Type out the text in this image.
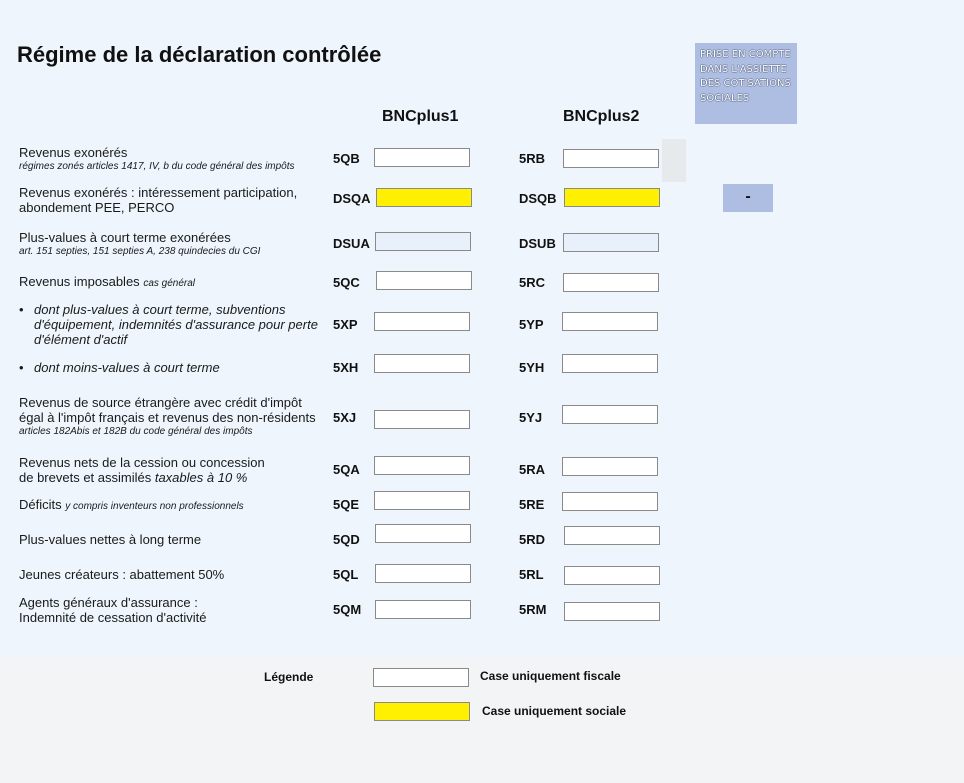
Régime de la déclaration contrôlée
BNCplus1	BNCplus2
PRISE EN COMPTE
DANS L'ASSIETTE
DES COTISATIONS
SOCIALES
-
Revenus exonérés
régimes zonés articles 1417, IV, b du code général des impôts
5QB	5RB
Revenus exonérés : intéressement participation,
abondement PEE, PERCO
DSQA	DSQB
Plus-values à court terme exonérées
art. 151 septies, 151 septies A, 238 quindecies du CGI
DSUA	DSUB
Revenus imposables cas général	5QC	5RC
• dont plus-values à court terme, subventions d'équipement, indemnités d'assurance pour perte d'élément d'actif
5XP	5YP
• dont moins-values à court terme	5XH	5YH
Revenus de source étrangère avec crédit d'impôt
égal à l'impôt français et revenus des non-résidents
articles 182Abis et 182B du code général des impôts
5XJ	5YJ
Revenus nets de la cession ou concession
de brevets et assimilés taxables à 10 %
5QA	5RA
Déficits y compris inventeurs non professionnels	5QE	5RE
Plus-values nettes à long terme	5QD	5RD
Jeunes créateurs : abattement 50%	5QL	5RL
Agents généraux d'assurance :
Indemnité de cessation d'activité
5QM	5RM
Légende	Case uniquement fiscale
Case uniquement sociale
